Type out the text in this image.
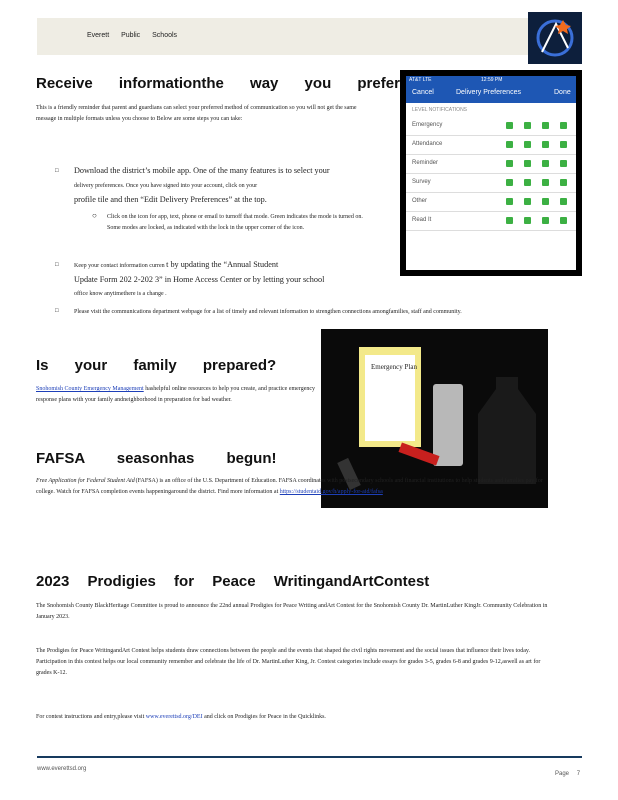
Everett Public Schools
Receive informationthe way you prefer
This is a friendly reminder that parent and guardians can select your preferred method of communication so you will not get the same message in multiple formats unless you choose to Below are some steps you can take:
□ Download the district’s mobile app. One of the many features is to select your
delivery preferences. Once you have signed into your account, click on your
profile tile and then “Edit Delivery Preferences” at the top.
○ Click on the icon for app, text, phone or email to turnoff that mode. Green indicates the mode is turned on. Some modes are locked, as indicated with the lock in the upper corner of the icon.
□	Keep your contact information curren t by updating the “Annual Student
Update Form 202 2-202 3” in Home Access Center or by letting your school
office know anytimethere is a change .
□	Please visit the communications department webpage for a list of timely and relevant information to strengthen connections amongfamilies, staff and community.
AT&T LTE	12:59 PM
Cancel	Delivery Preferences	Done
LEVEL NOTIFICATIONS
Emergency
Attendance
Reminder
Survey
Other
Read It
Is your family prepared?
Snohomish County Emergency Management hashelpful online resources to help you create, and practice emergency response plans with your family andneighborhood in preparation for bad weather.
Emergency Plan
FAFSA seasonhas begun!
Free Application for Federal Student Aid (FAFSA) is an office of the U.S. Department of Education. FAFSA coordinates with postsecondary schools and financial institutions to help students and families pay for college. Watch for FAFSA completion events happeningaround the district. Find more information at https://studentaid.gov/h/apply-for-aid/fafsa
2023 Prodigies for Peace WritingandArtContest
The Snohomish County BlackHeritage Committee is proud to announce the 22nd annual Prodigies for Peace Writing andArt Contest for the Snohomish County Dr. MartinLuther KingJr. Community Celebration in January 2023.
The Prodigies for Peace WritingandArt Contest helps students draw connections between the people and the events that shaped the civil rights movement and the social issues that influence their lives today. Participation in this contest helps our local community remember and celebrate the life of Dr. MartinLuther King, Jr. Contest categories include essays for grades 3-5, grades 6-8 and grades 9-12,aswell as art for grades K-12.
For contest instructions and entry,please visit www.everettsd.org/DEI and click on Prodigies for Peace in the Quicklinks.
www.everettsd.org
Page 7
